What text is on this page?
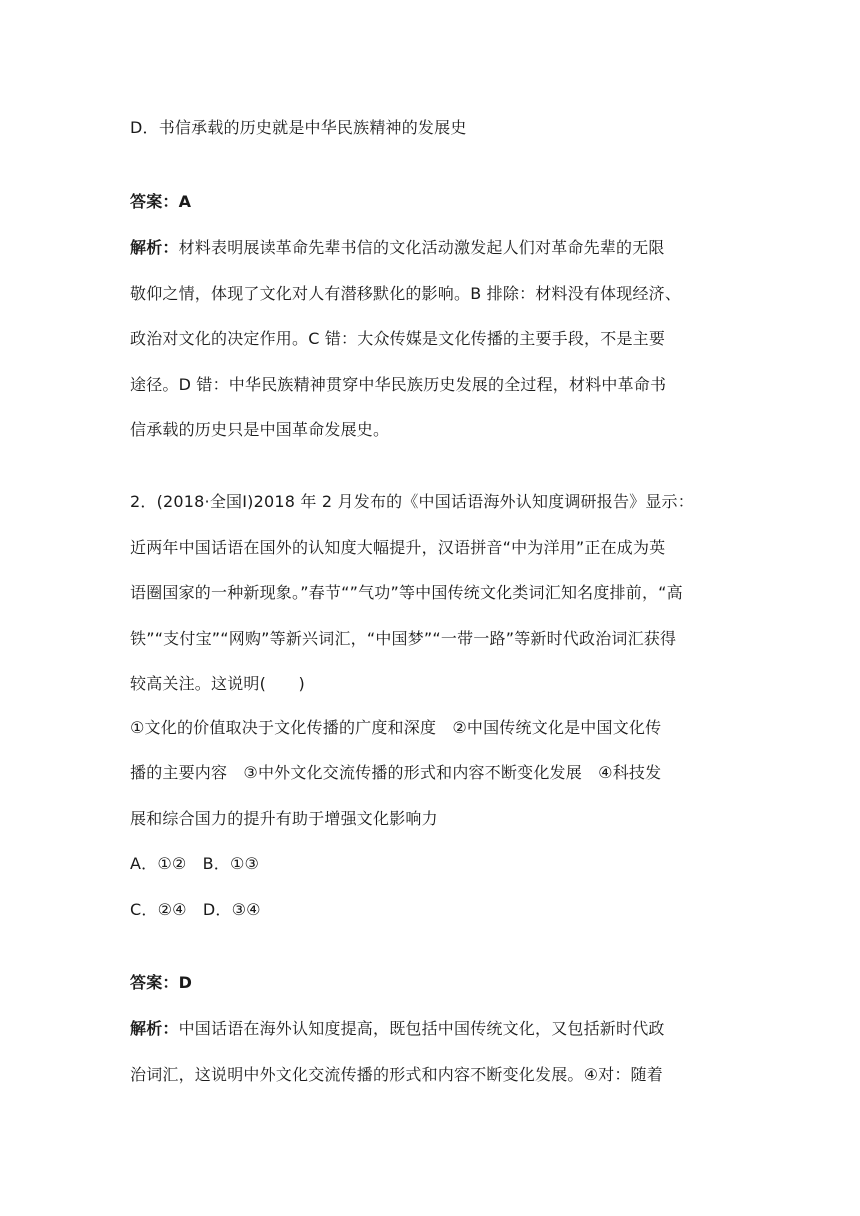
D．书信承载的历史就是中华民族精神的发展史
答案：A
解析：材料表明展读革命先辈书信的文化活动激发起人们对革命先辈的无限
敬仰之情，体现了文化对人有潜移默化的影响。B 排除：材料没有体现经济、
政治对文化的决定作用。C 错：大众传媒是文化传播的主要手段，不是主要
途径。D 错：中华民族精神贯穿中华民族历史发展的全过程，材料中革命书
信承载的历史只是中国革命发展史。
2．(2018·全国Ⅰ)2018 年 2 月发布的《中国话语海外认知度调研报告》显示：
近两年中国话语在国外的认知度大幅提升，汉语拼音“中为洋用”正在成为英
语圈国家的一种新现象。”春节“”气功”等中国传统文化类词汇知名度排前，“高
铁”“支付宝”“网购”等新兴词汇，“中国梦”“一带一路”等新时代政治词汇获得
较高关注。这说明(　　)
①文化的价值取决于文化传播的广度和深度　②中国传统文化是中国文化传
播的主要内容　③中外文化交流传播的形式和内容不断变化发展　④科技发
展和综合国力的提升有助于增强文化影响力
A．①②　B．①③
C．②④　D．③④
答案：D
解析：中国话语在海外认知度提高，既包括中国传统文化，又包括新时代政
治词汇，这说明中外文化交流传播的形式和内容不断变化发展。④对：随着
